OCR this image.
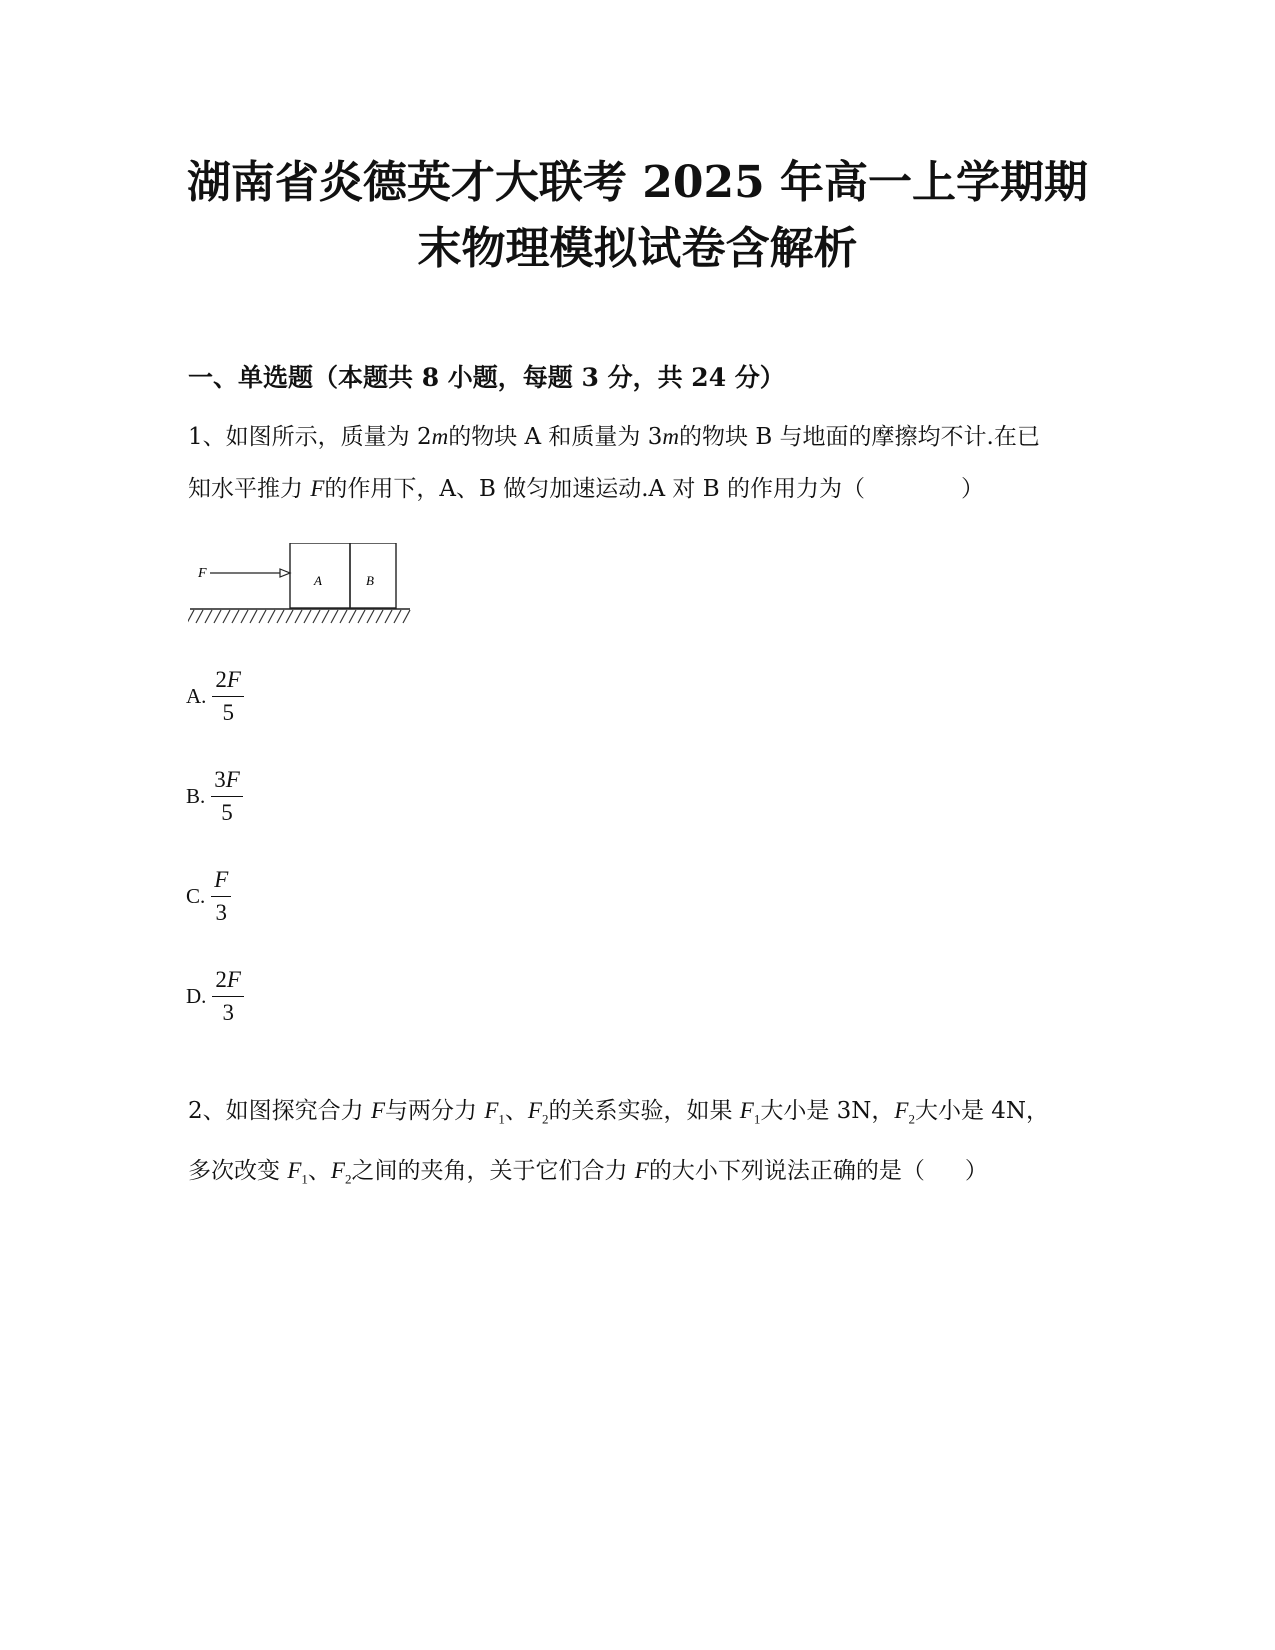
湖南省炎德英才大联考 2025 年高一上学期期
末物理模拟试卷含解析
一、单选题（本题共 8 小题，每题 3 分，共 24 分）
1、如图所示，质量为 2m的物块 A 和质量为 3m的物块 B 与地面的摩擦均不计.在已
知水平推力 F的作用下，A、B 做匀加速运动.A 对 B 的作用力为（	）
F	A	B
A. $\frac{2F}{5}$
B. $\frac{3F}{5}$
C. $\frac{F}{3}$
D. $\frac{2F}{3}$
2、如图探究合力 F与两分力 $F_1$、$F_2$的关系实验，如果 $F_1$大小是 3N，$F_2$大小是 4N，
多次改变 $F_1$、$F_2$之间的夹角，关于它们合力 F的大小下列说法正确的是（ ）
